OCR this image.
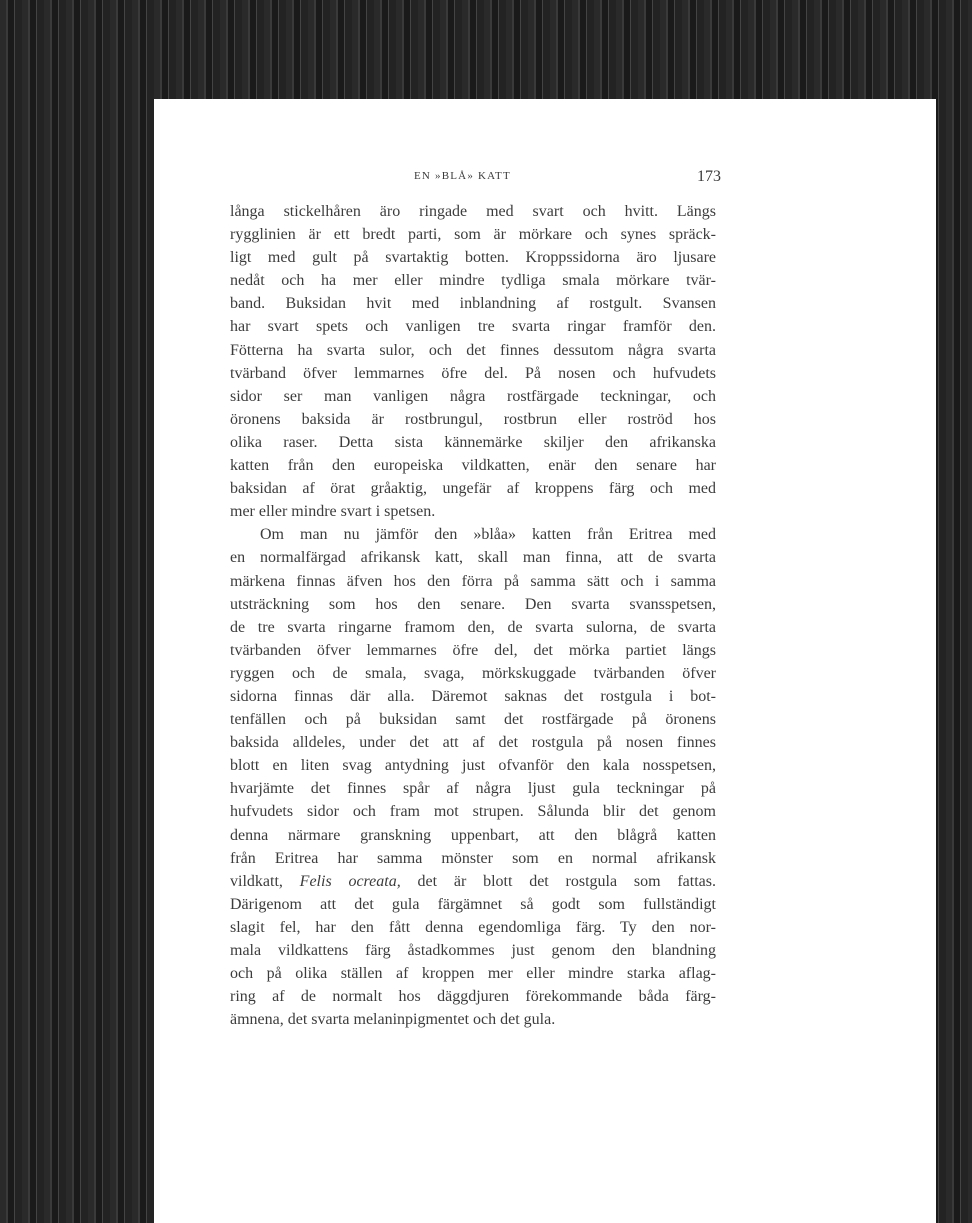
EN »BLÅ» KATT	173
långa stickelhåren äro ringade med svart och hvitt. Längs
rygglinien är ett bredt parti, som är mörkare och synes spräck-
ligt med gult på svartaktig botten. Kroppssidorna äro ljusare
nedåt och ha mer eller mindre tydliga smala mörkare tvär-
band. Buksidan hvit med inblandning af rostgult. Svansen
har svart spets och vanligen tre svarta ringar framför den.
Fötterna ha svarta sulor, och det finnes dessutom några svarta
tvärband öfver lemmarnes öfre del. På nosen och hufvudets
sidor ser man vanligen några rostfärgade teckningar, och
öronens baksida är rostbrungul, rostbrun eller roströd hos
olika raser. Detta sista kännemärke skiljer den afrikanska
katten från den europeiska vildkatten, enär den senare har
baksidan af örat gråaktig, ungefär af kroppens färg och med
mer eller mindre svart i spetsen.
Om man nu jämför den »blåa» katten från Eritrea med
en normalfärgad afrikansk katt, skall man finna, att de svarta
märkena finnas äfven hos den förra på samma sätt och i samma
utsträckning som hos den senare. Den svarta svansspetsen,
de tre svarta ringarne framom den, de svarta sulorna, de svarta
tvärbanden öfver lemmarnes öfre del, det mörka partiet längs
ryggen och de smala, svaga, mörkskuggade tvärbanden öfver
sidorna finnas där alla. Däremot saknas det rostgula i bot-
tenfällen och på buksidan samt det rostfärgade på öronens
baksida alldeles, under det att af det rostgula på nosen finnes
blott en liten svag antydning just ofvanför den kala nosspetsen,
hvarjämte det finnes spår af några ljust gula teckningar på
hufvudets sidor och fram mot strupen. Sålunda blir det genom
denna närmare granskning uppenbart, att den blågrå katten
från Eritrea har samma mönster som en normal afrikansk
vildkatt, Felis ocreata, det är blott det rostgula som fattas.
Därigenom att det gula färgämnet så godt som fullständigt
slagit fel, har den fått denna egendomliga färg. Ty den nor-
mala vildkattens färg åstadkommes just genom den blandning
och på olika ställen af kroppen mer eller mindre starka aflag-
ring af de normalt hos däggdjuren förekommande båda färg-
ämnena, det svarta melaninpigmentet och det gula.
